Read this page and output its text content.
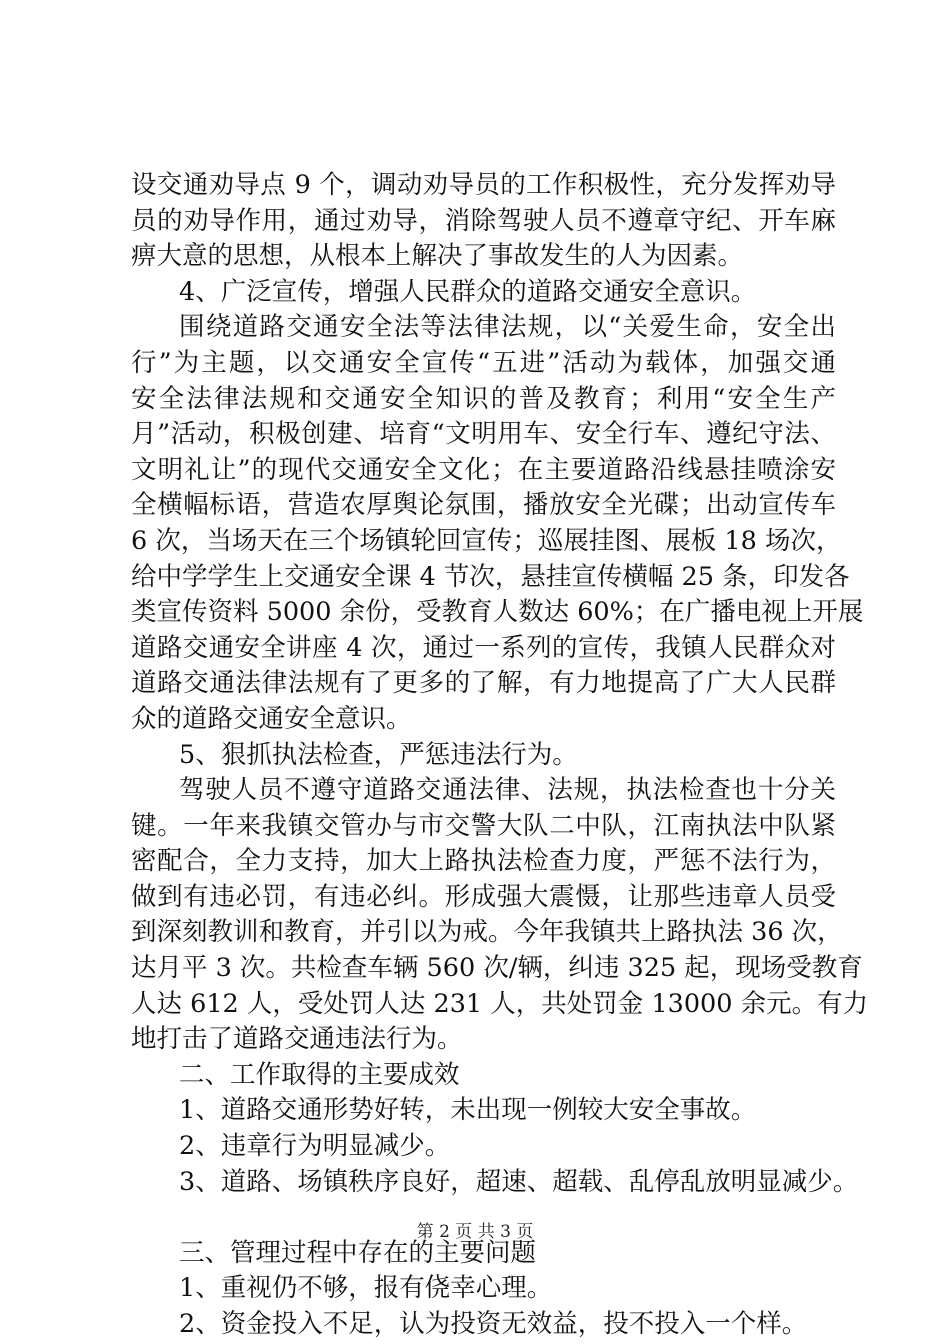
设交通劝导点 9 个，调动劝导员的工作积极性，充分发挥劝导
员的劝导作用，通过劝导，消除驾驶人员不遵章守纪、开车麻
痹大意的思想，从根本上解决了事故发生的人为因素。
4、广泛宣传，增强人民群众的道路交通安全意识。
围绕道路交通安全法等法律法规，以“关爱生命，安全出
行”为主题，以交通安全宣传“五进”活动为载体，加强交通
安全法律法规和交通安全知识的普及教育；利用“安全生产
月”活动，积极创建、培育“文明用车、安全行车、遵纪守法、
文明礼让”的现代交通安全文化；在主要道路沿线悬挂喷涂安
全横幅标语，营造农厚舆论氛围，播放安全光碟；出动宣传车
6 次，当场天在三个场镇轮回宣传；巡展挂图、展板 18 场次，
给中学学生上交通安全课 4 节次，悬挂宣传横幅 25 条，印发各
类宣传资料 5000 余份，受教育人数达 60%；在广播电视上开展
道路交通安全讲座 4 次，通过一系列的宣传，我镇人民群众对
道路交通法律法规有了更多的了解，有力地提高了广大人民群
众的道路交通安全意识。
5、狠抓执法检查，严惩违法行为。
驾驶人员不遵守道路交通法律、法规，执法检查也十分关
键。一年来我镇交管办与市交警大队二中队，江南执法中队紧
密配合，全力支持，加大上路执法检查力度，严惩不法行为，
做到有违必罚，有违必纠。形成强大震慑，让那些违章人员受
到深刻教训和教育，并引以为戒。今年我镇共上路执法 36 次，
达月平 3 次。共检查车辆 560 次/辆，纠违 325 起，现场受教育
人达 612 人，受处罚人达 231 人，共处罚金 13000 余元。有力
地打击了道路交通违法行为。
二、工作取得的主要成效
1、道路交通形势好转，未出现一例较大安全事故。
2、违章行为明显减少。
3、道路、场镇秩序良好，超速、超载、乱停乱放明显减少。
三、管理过程中存在的主要问题
1、重视仍不够，报有侥幸心理。
2、资金投入不足，认为投资无效益，投不投入一个样。
第 2 页 共 3 页
